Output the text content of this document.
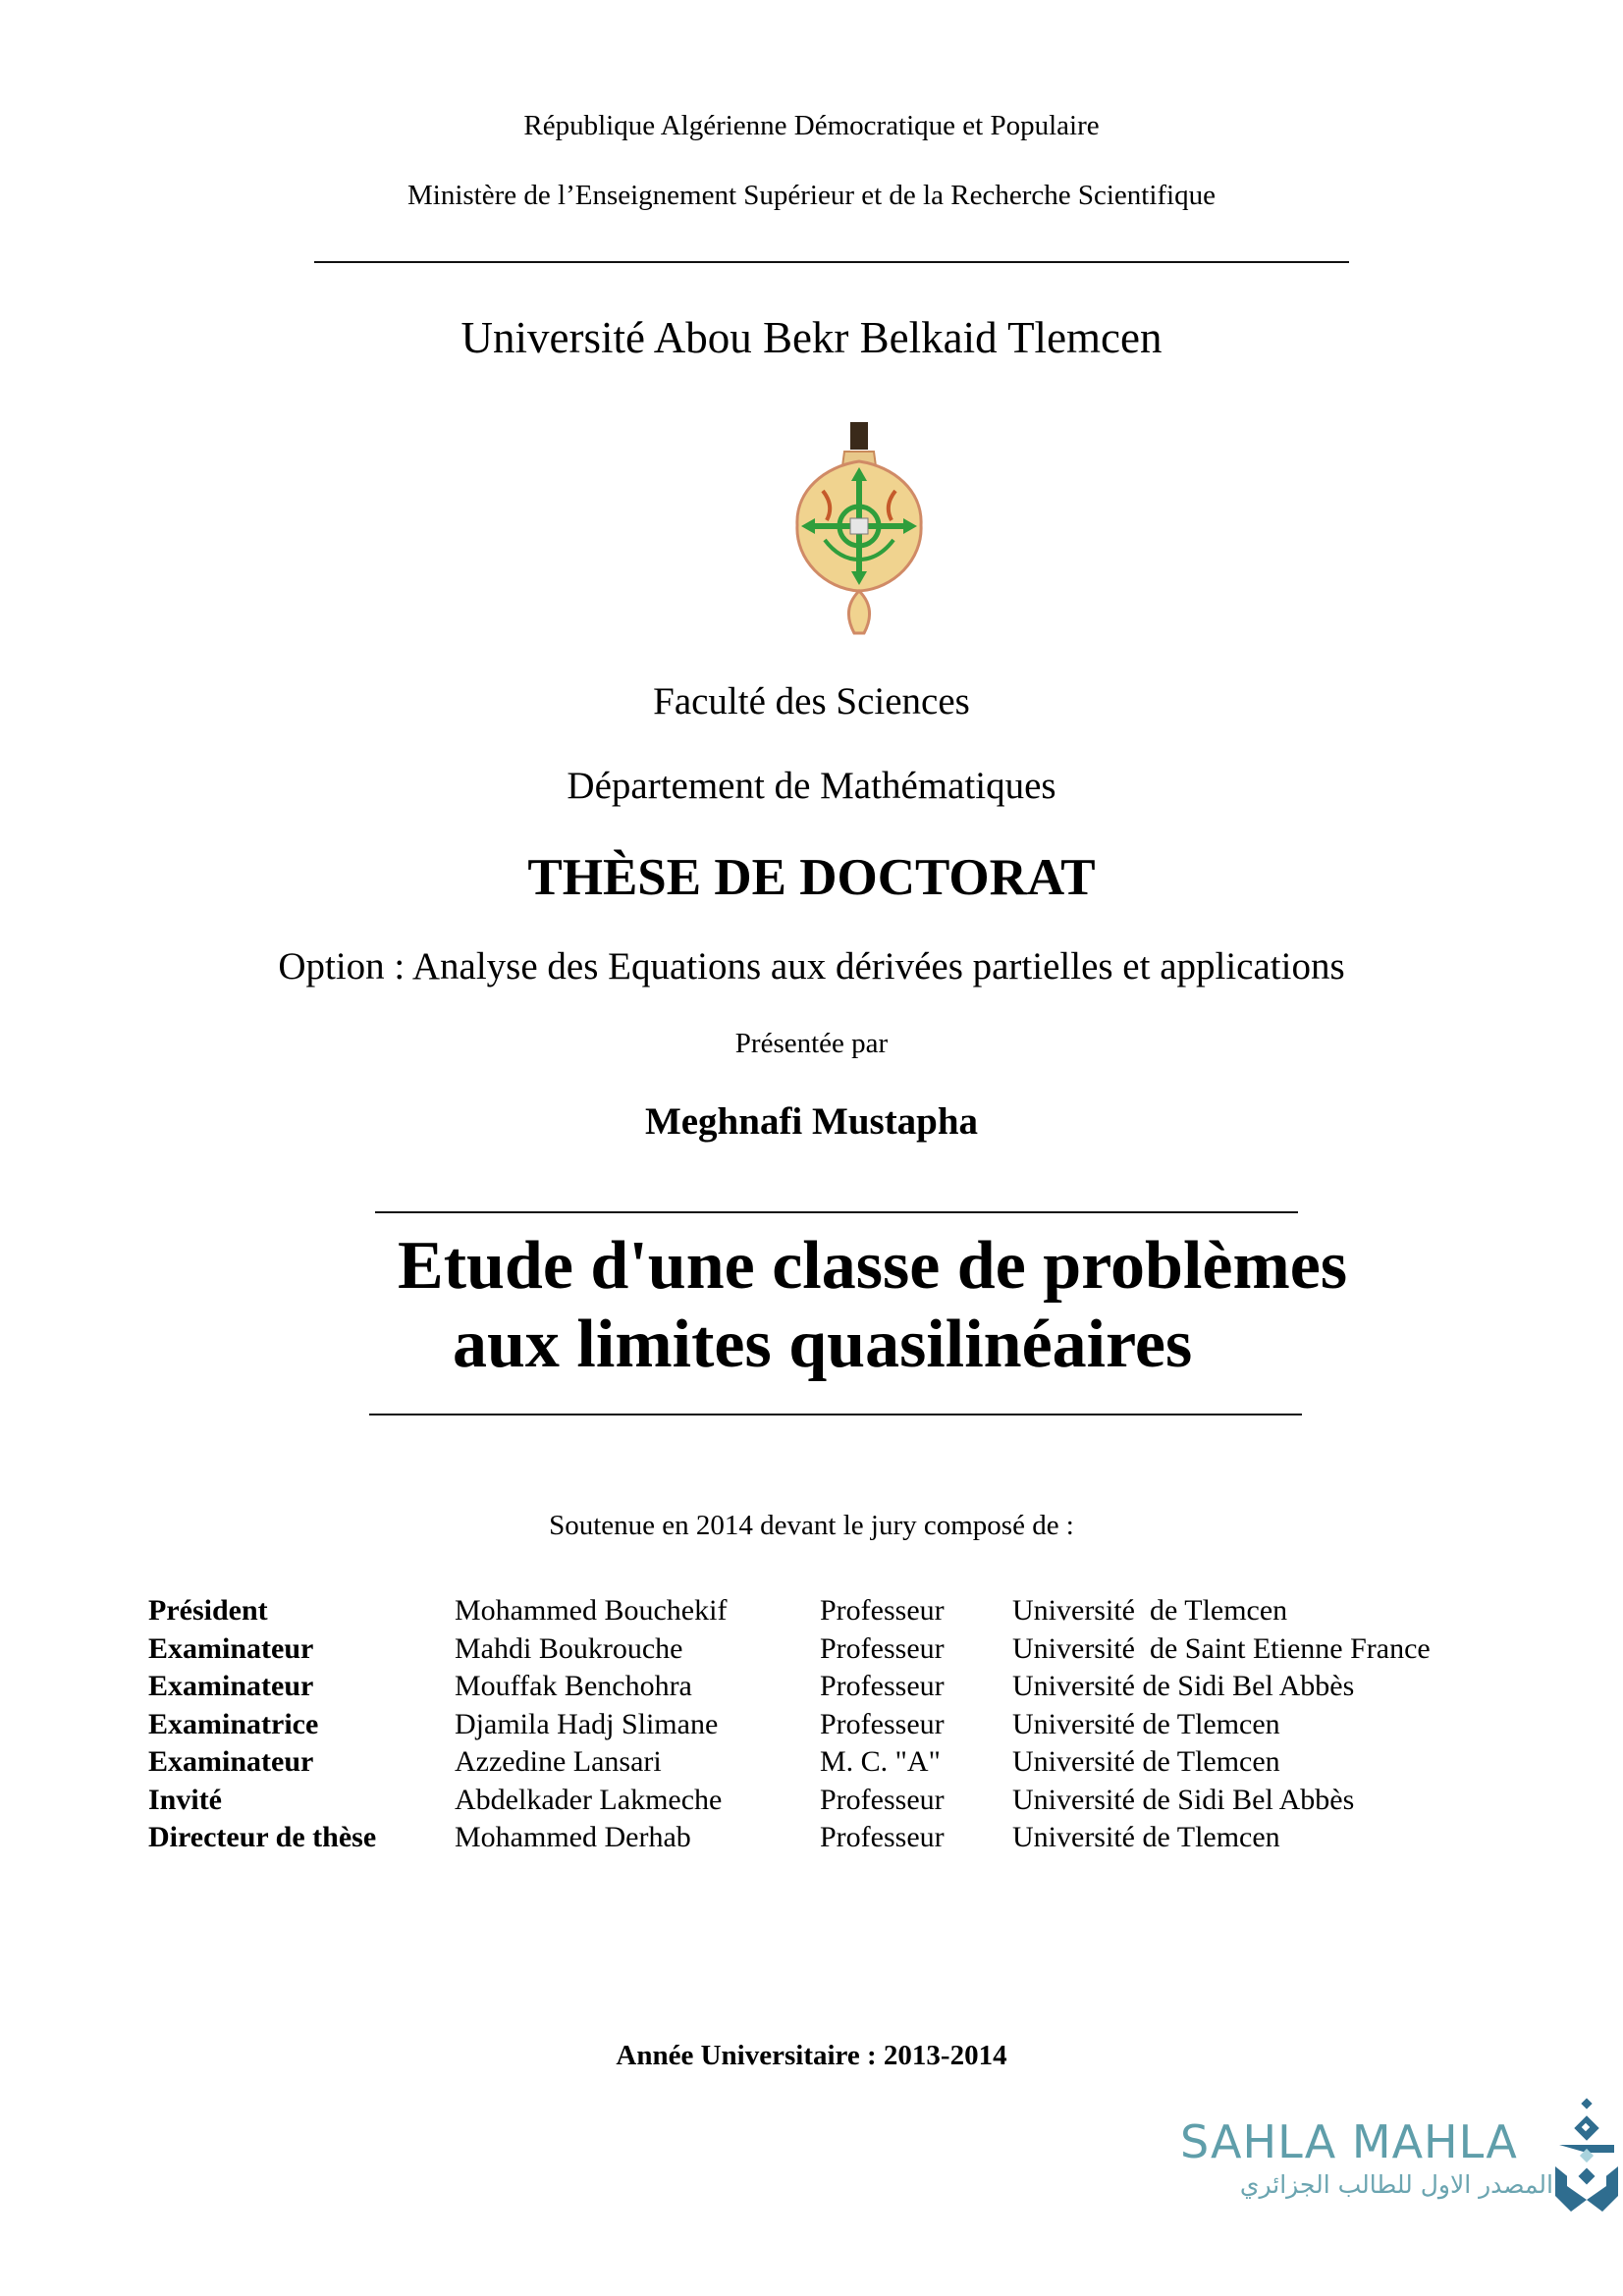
République Algérienne Démocratique et Populaire
Ministère de l’Enseignement Supérieur et de la Recherche Scientifique
Université Abou Bekr Belkaid Tlemcen
Faculté des Sciences
Département de Mathématiques
THÈSE DE DOCTORAT
Option : Analyse des Equations aux dérivées partielles et applications
Présentée par
Meghnafi Mustapha
Etude d'une classe de problèmes
aux limites quasilinéaires
Soutenue en 2014 devant le jury composé de :
Président	Mohammed Bouchekif	Professeur	Université  de Tlemcen
Examinateur	Mahdi Boukrouche	Professeur	Université  de Saint Etienne France
Examinateur	Mouffak Benchohra	Professeur	Université de Sidi Bel Abbès
Examinatrice	Djamila Hadj Slimane	Professeur	Université de Tlemcen
Examinateur	Azzedine Lansari	M. C. "A"	Université de Tlemcen
Invité	Abdelkader Lakmeche	Professeur	Université de Sidi Bel Abbès
Directeur de thèse	Mohammed Derhab	Professeur	Université de Tlemcen
Année Universitaire : 2013-2014
SAHLA MAHLA
المصدر الاول للطالب الجزائري
